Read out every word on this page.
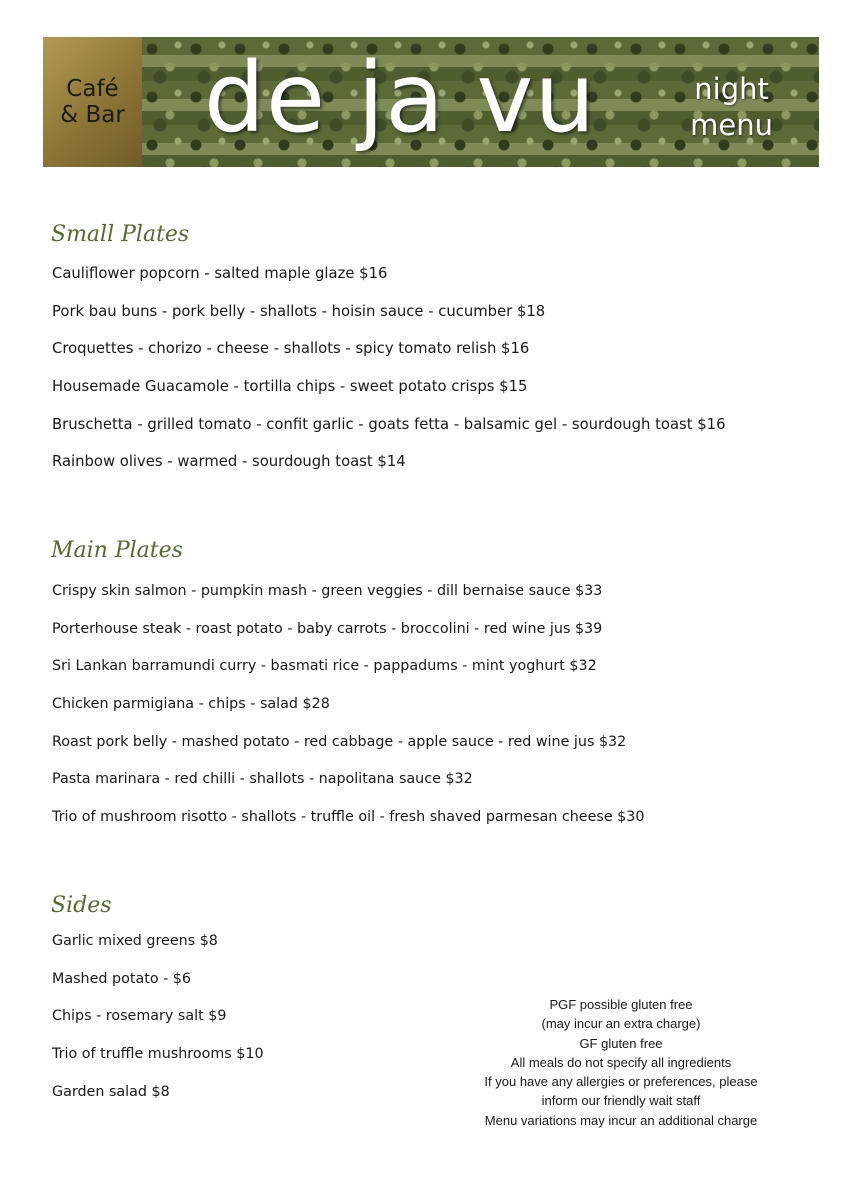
Café
& Bar de ja vu	night
menu
Small Plates
Cauliflower popcorn - salted maple glaze $16
Pork bau buns - pork belly - shallots - hoisin sauce - cucumber $18
Croquettes - chorizo - cheese - shallots - spicy tomato relish $16
Housemade Guacamole - tortilla chips - sweet potato crisps $15
Bruschetta - grilled tomato - confit garlic - goats fetta - balsamic gel - sourdough toast $16
Rainbow olives - warmed - sourdough toast $14
Main Plates
Crispy skin salmon - pumpkin mash - green veggies - dill bernaise sauce $33
Porterhouse steak - roast potato - baby carrots - broccolini - red wine jus $39
Sri Lankan barramundi curry - basmati rice - pappadums - mint yoghurt $32
Chicken parmigiana - chips - salad $28
Roast pork belly - mashed potato - red cabbage - apple sauce - red wine jus $32
Pasta marinara - red chilli - shallots - napolitana sauce $32
Trio of mushroom risotto - shallots - truffle oil - fresh shaved parmesan cheese $30
Sides
Garlic mixed greens $8
Mashed potato - $6
Chips - rosemary salt $9
Trio of truffle mushrooms $10
Garden salad $8
PGF possible gluten free
(may incur an extra charge)
GF gluten free
All meals do not specify all ingredients
If you have any allergies or preferences, please
inform our friendly wait staff
Menu variations may incur an additional charge
